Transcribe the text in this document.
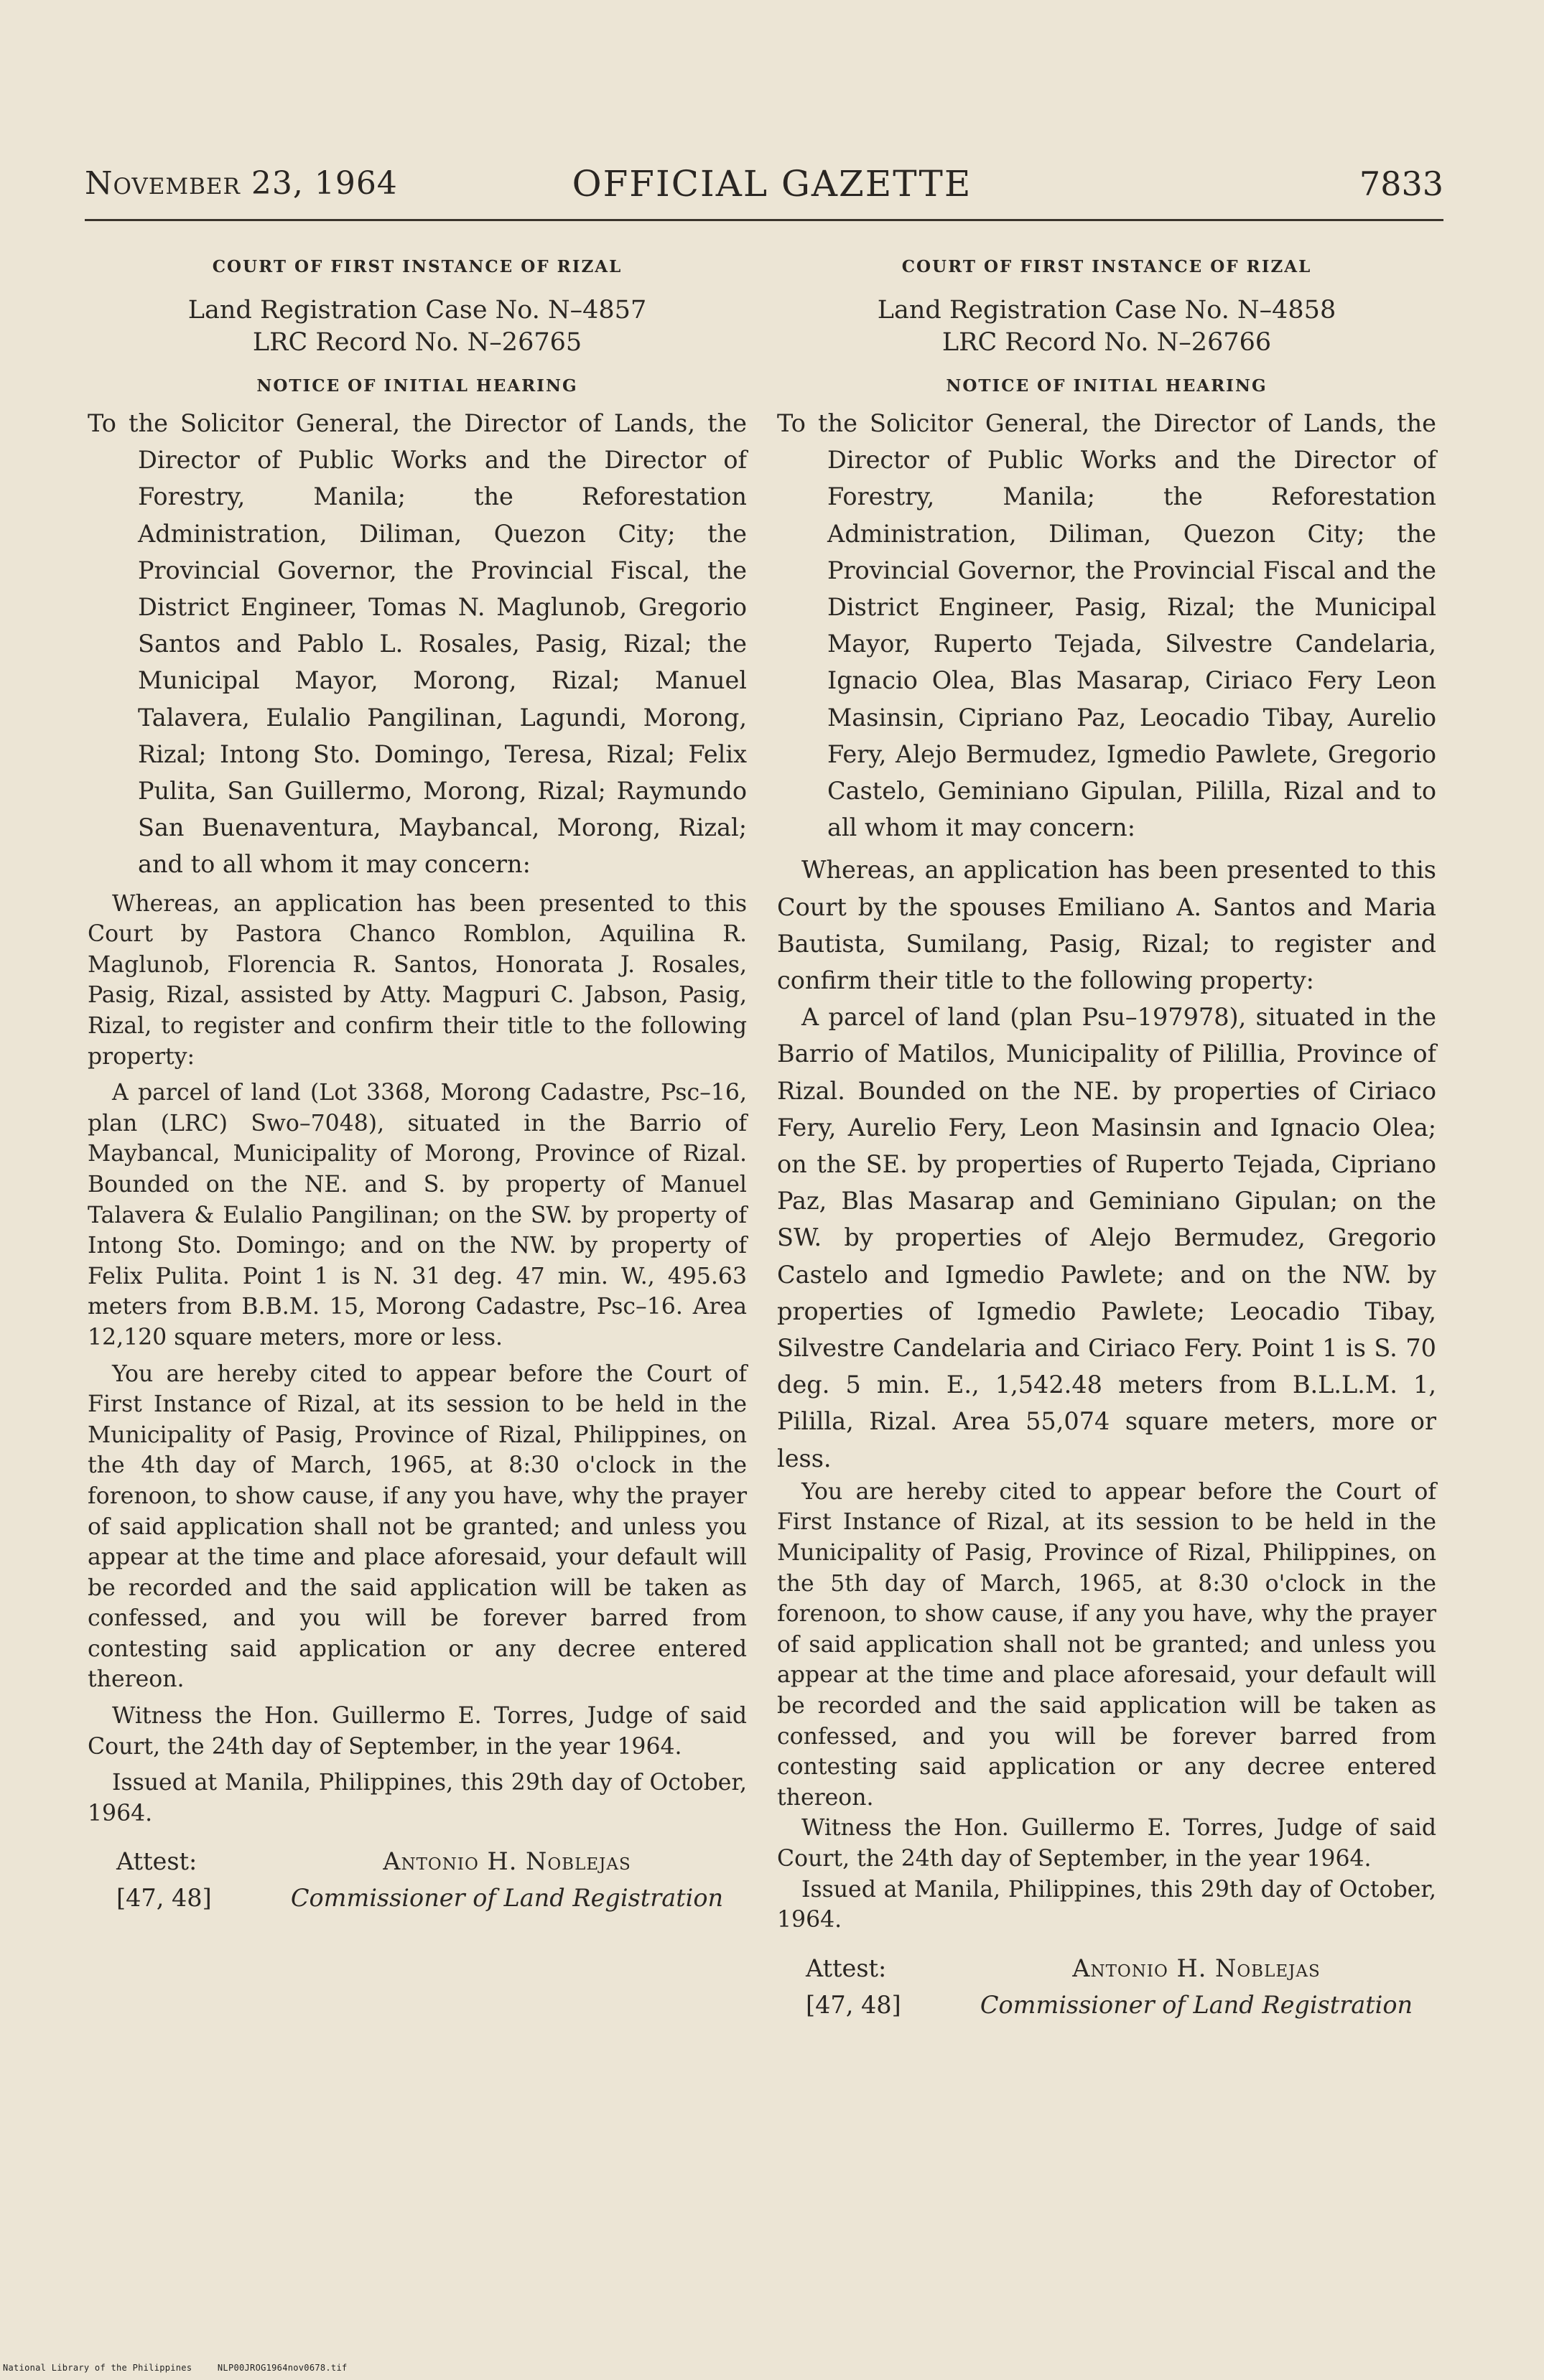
November 23, 1964	OFFICIAL GAZETTE	7833
COURT OF FIRST INSTANCE OF RIZAL
Land Registration Case No. N–4857
LRC Record No. N–26765
NOTICE OF INITIAL HEARING

To the Solicitor General, the Director of Lands, the Director of Public Works and the Director of Forestry, Manila; the Reforestation Administration, Diliman, Quezon City; the Provincial Governor, the Provincial Fiscal, the District Engineer, Tomas N. Maglunob, Gregorio Santos and Pablo L. Rosales, Pasig, Rizal; the Municipal Mayor, Morong, Rizal; Manuel Talavera, Eulalio Pangilinan, Lagundi, Morong, Rizal; Intong Sto. Domingo, Teresa, Rizal; Felix Pulita, San Guillermo, Morong, Rizal; Raymundo San Buenaventura, Maybancal, Morong, Rizal; and to all whom it may concern:

Whereas, an application has been presented to this Court by Pastora Chanco Romblon, Aquilina R. Maglunob, Florencia R. Santos, Honorata J. Rosales, Pasig, Rizal, assisted by Atty. Magpuri C. Jabson, Pasig, Rizal, to register and confirm their title to the following property:

A parcel of land (Lot 3368, Morong Cadastre, Psc–16, plan (LRC) Swo–7048), situated in the Barrio of Maybancal, Municipality of Morong, Province of Rizal. Bounded on the NE. and S. by property of Manuel Talavera & Eulalio Pangilinan; on the SW. by property of Intong Sto. Domingo; and on the NW. by property of Felix Pulita. Point 1 is N. 31 deg. 47 min. W., 495.63 meters from B.B.M. 15, Morong Cadastre, Psc–16. Area 12,120 square meters, more or less.

You are hereby cited to appear before the Court of First Instance of Rizal, at its session to be held in the Municipality of Pasig, Province of Rizal, Philippines, on the 4th day of March, 1965, at 8:30 o'clock in the forenoon, to show cause, if any you have, why the prayer of said application shall not be granted; and unless you appear at the time and place aforesaid, your default will be recorded and the said application will be taken as confessed, and you will be forever barred from contesting said application or any decree entered thereon.

Witness the Hon. Guillermo E. Torres, Judge of said Court, the 24th day of September, in the year 1964.

Issued at Manila, Philippines, this 29th day of October, 1964.

Attest:	Antonio H. Noblejas
[47, 48]	Commissioner of Land Registration
COURT OF FIRST INSTANCE OF RIZAL
Land Registration Case No. N–4858
LRC Record No. N–26766
NOTICE OF INITIAL HEARING

To the Solicitor General, the Director of Lands, the Director of Public Works and the Director of Forestry, Manila; the Reforestation Administration, Diliman, Quezon City; the Provincial Governor, the Provincial Fiscal and the District Engineer, Pasig, Rizal; the Municipal Mayor, Ruperto Tejada, Silvestre Candelaria, Ignacio Olea, Blas Masarap, Ciriaco Fery Leon Masinsin, Cipriano Paz, Leocadio Tibay, Aurelio Fery, Alejo Bermudez, Igmedio Pawlete, Gregorio Castelo, Geminiano Gipulan, Pililla, Rizal and to all whom it may concern:

Whereas, an application has been presented to this Court by the spouses Emiliano A. Santos and Maria Bautista, Sumilang, Pasig, Rizal; to register and confirm their title to the following property:

A parcel of land (plan Psu–197978), situated in the Barrio of Matilos, Municipality of Pilillia, Province of Rizal. Bounded on the NE. by properties of Ciriaco Fery, Aurelio Fery, Leon Masinsin and Ignacio Olea; on the SE. by properties of Ruperto Tejada, Cipriano Paz, Blas Masarap and Geminiano Gipulan; on the SW. by properties of Alejo Bermudez, Gregorio Castelo and Igmedio Pawlete; and on the NW. by properties of Igmedio Pawlete; Leocadio Tibay, Silvestre Candelaria and Ciriaco Fery. Point 1 is S. 70 deg. 5 min. E., 1,542.48 meters from B.L.L.M. 1, Pililla, Rizal. Area 55,074 square meters, more or less.

You are hereby cited to appear before the Court of First Instance of Rizal, at its session to be held in the Municipality of Pasig, Province of Rizal, Philippines, on the 5th day of March, 1965, at 8:30 o'clock in the forenoon, to show cause, if any you have, why the prayer of said application shall not be granted; and unless you appear at the time and place aforesaid, your default will be recorded and the said application will be taken as confessed, and you will be forever barred from contesting said application or any decree entered thereon.

Witness the Hon. Guillermo E. Torres, Judge of said Court, the 24th day of September, in the year 1964.

Issued at Manila, Philippines, this 29th day of October, 1964.

Attest:	Antonio H. Noblejas
[47, 48]	Commissioner of Land Registration
National Library of the Philippines	NLP00JROG1964nov0678.tif
